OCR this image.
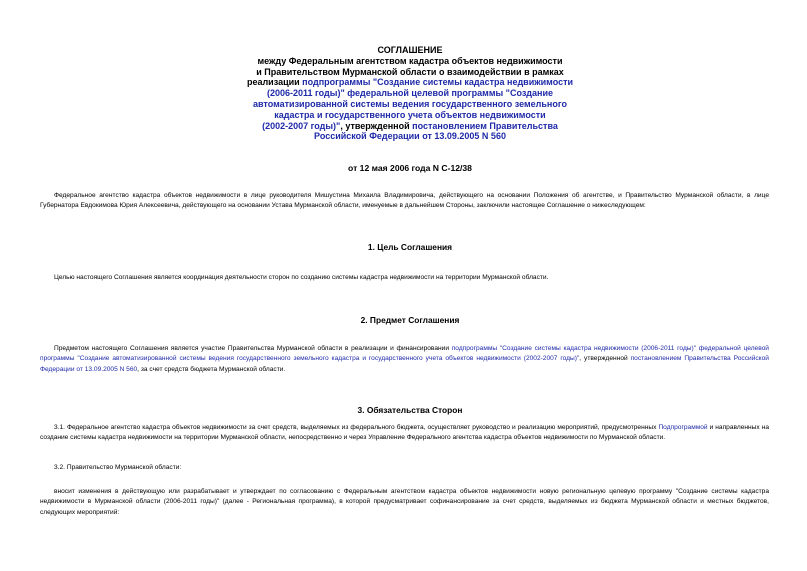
СОГЛАШЕНИЕ
между Федеральным агентством кадастра объектов недвижимости
и Правительством Мурманской области о взаимодействии в рамках
реализации подпрограммы "Создание системы кадастра недвижимости
(2006-2011 годы)" федеральной целевой программы "Создание
автоматизированной системы ведения государственного земельного
кадастра и государственного учета объектов недвижимости
(2002-2007 годы)", утвержденной постановлением Правительства
Российской Федерации от 13.09.2005 N 560
от 12 мая 2006 года N С-12/38
Федеральное агентство кадастра объектов недвижимости в лице руководителя Мишустина Михаила Владимировича, действующего на основании Положения об агентстве, и Правительство Мурманской области, в лице Губернатора Евдокимова Юрия Алексеевича, действующего на основании Устава Мурманской области, именуемые в дальнейшем Стороны, заключили настоящее Соглашение о нижеследующем:
1. Цель Соглашения
Целью настоящего Соглашения является координация деятельности сторон по созданию системы кадастра недвижимости на территории Мурманской области.
2. Предмет Соглашения
Предметом настоящего Соглашения является участие Правительства Мурманской области в реализации и финансировании подпрограммы "Создание системы кадастра недвижимости (2006-2011 годы)" федеральной целевой программы "Создание автоматизированной системы ведения государственного земельного кадастра и государственного учета объектов недвижимости (2002-2007 годы)", утвержденной постановлением Правительства Российской Федерации от 13.09.2005 N 560, за счет средств бюджета Мурманской области.
3. Обязательства Сторон
3.1. Федеральное агентство кадастра объектов недвижимости за счет средств, выделяемых из федерального бюджета, осуществляет руководство и реализацию мероприятий, предусмотренных Подпрограммой и направленных на создание системы кадастра недвижимости на территории Мурманской области, непосредственно и через Управление Федерального агентства кадастра объектов недвижимости по Мурманской области.
3.2. Правительство Мурманской области:
вносит изменения в действующую или разрабатывает и утверждает по согласованию с Федеральным агентством кадастра объектов недвижимости новую региональную целевую программу "Создание системы кадастра недвижимости в Мурманской области (2006-2011 годы)" (далее - Региональная программа), в которой предусматривает софинансирование за счет средств, выделяемых из бюджета Мурманской области и местных бюджетов, следующих мероприятий:
